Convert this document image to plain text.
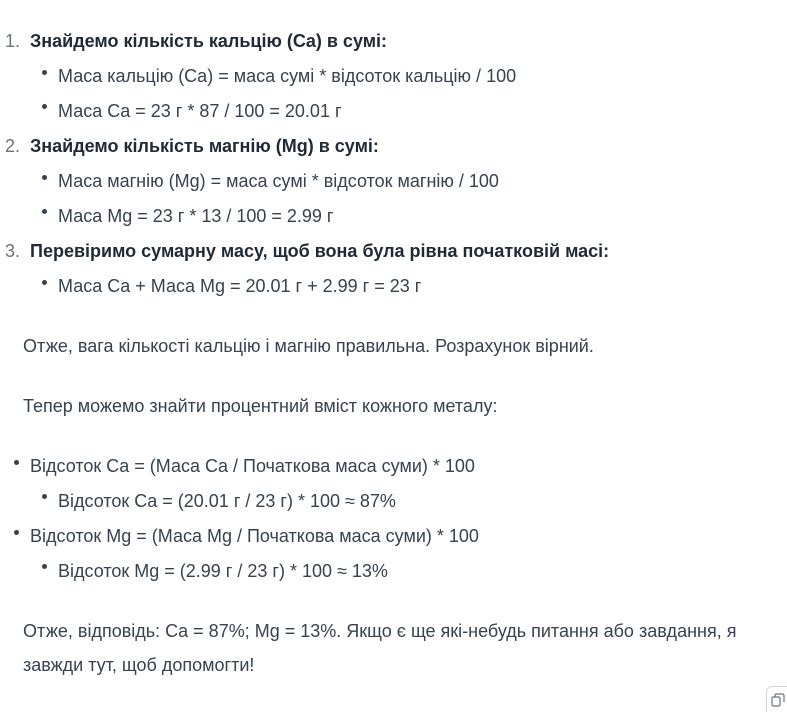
1. Знайдемо кількість кальцію (Ca) в сумі:
Маса кальцію (Ca) = маса сумі * відсоток кальцію / 100
Маса Ca = 23 г * 87 / 100 = 20.01 г
2. Знайдемо кількість магнію (Mg) в сумі:
Маса магнію (Mg) = маса сумі * відсоток магнію / 100
Маса Mg = 23 г * 13 / 100 = 2.99 г
3. Перевіримо сумарну масу, щоб вона була рівна початковій масі:
Маса Ca + Маса Mg = 20.01 г + 2.99 г = 23 г
Отже, вага кількості кальцію і магнію правильна. Розрахунок вірний.
Тепер можемо знайти процентний вміст кожного металу:
Відсоток Ca = (Маса Ca / Початкова маса суми) * 100
Відсоток Ca = (20.01 г / 23 г) * 100 ≈ 87%
Відсоток Mg = (Маса Mg / Початкова маса суми) * 100
Відсоток Mg = (2.99 г / 23 г) * 100 ≈ 13%
Отже, відповідь: Ca = 87%; Mg = 13%. Якщо є ще які-небудь питання або завдання, я
завжди тут, щоб допомогти!
